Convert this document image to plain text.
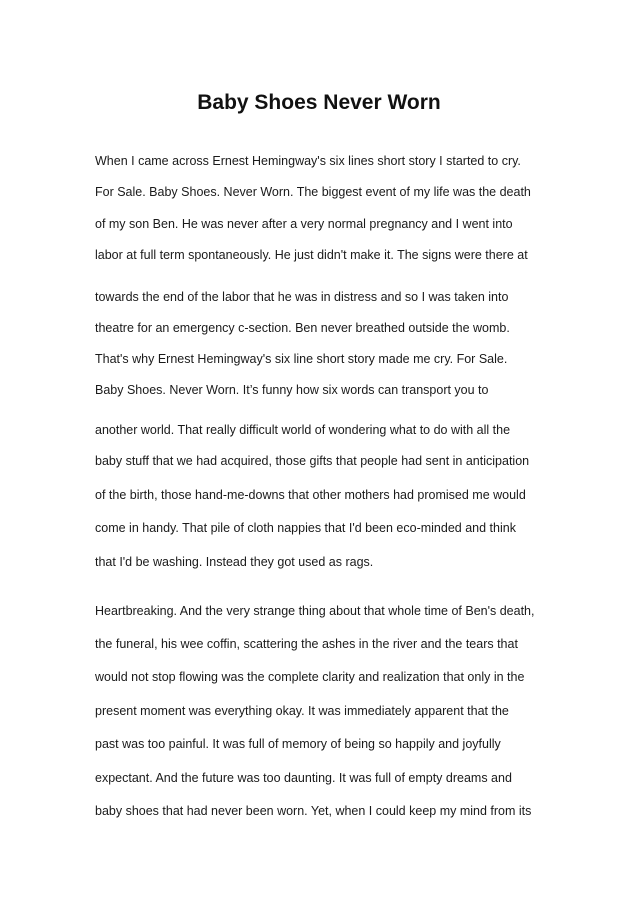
Baby Shoes Never Worn

When I came across Ernest Hemingway's six lines short story I started to cry.

For Sale. Baby Shoes. Never Worn. The biggest event of my life was the death

of my son Ben. He was never after a very normal pregnancy and I went into

labor at full term spontaneously. He just didn't make it. The signs were there at

towards the end of the labor that he was in distress and so I was taken into

theatre for an emergency c-section. Ben never breathed outside the womb.

That's why Ernest Hemingway's six line short story made me cry. For Sale.

Baby Shoes. Never Worn. It’s funny how six words can transport you to

another world. That really difficult world of wondering what to do with all the

baby stuff that we had acquired, those gifts that people had sent in anticipation

of the birth, those hand-me-downs that other mothers had promised me would

come in handy. That pile of cloth nappies that I'd been eco-minded and think

that I'd be washing. Instead they got used as rags.

Heartbreaking. And the very strange thing about that whole time of Ben's death,

the funeral, his wee coffin, scattering the ashes in the river and the tears that

would not stop flowing was the complete clarity and realization that only in the

present moment was everything okay. It was immediately apparent that the

past was too painful. It was full of memory of being so happily and joyfully

expectant. And the future was too daunting. It was full of empty dreams and

baby shoes that had never been worn. Yet, when I could keep my mind from its
